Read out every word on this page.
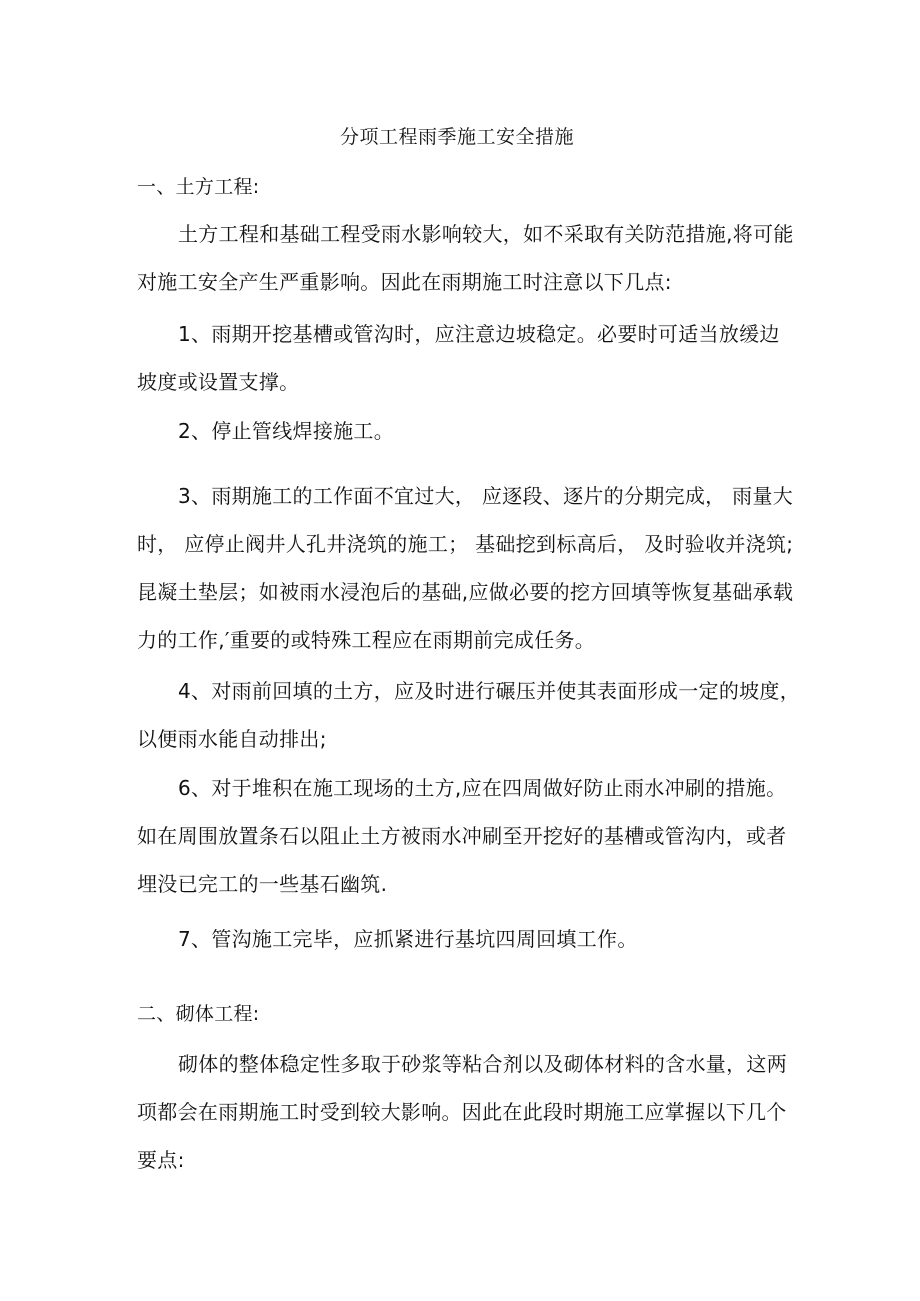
分项工程雨季施工安全措施
一、土方工程:
土方工程和基础工程受雨水影响较大，如不采取有关防范措施,将可能
对施工安全产生严重影响。因此在雨期施工时注意以下几点:
1、雨期开挖基槽或管沟时，应注意边坡稳定。必要时可适当放缓边
坡度或设置支撑。
2、停止管线焊接施工。
3、雨期施工的工作面不宜过大， 应逐段、逐片的分期完成， 雨量大
时， 应停止阀井人孔井浇筑的施工； 基础挖到标高后， 及时验收并浇筑;
昆凝土垫层；如被雨水浸泡后的基础,应做必要的挖方回填等恢复基础承载
力的工作,′重要的或特殊工程应在雨期前完成任务。
4、对雨前回填的土方，应及时进行碾压并使其表面形成一定的坡度，
以便雨水能自动排出;
6、对于堆积在施工现场的土方,应在四周做好防止雨水冲刷的措施。
如在周围放置条石以阻止土方被雨水冲刷至开挖好的基槽或管沟内，或者
埋没已完工的一些基石幽筑.
7、管沟施工完毕，应抓紧进行基坑四周回填工作。
二、砌体工程:
砌体的整体稳定性多取于砂浆等粘合剂以及砌体材料的含水量，这两
项都会在雨期施工时受到较大影响。因此在此段时期施工应掌握以下几个
要点:
